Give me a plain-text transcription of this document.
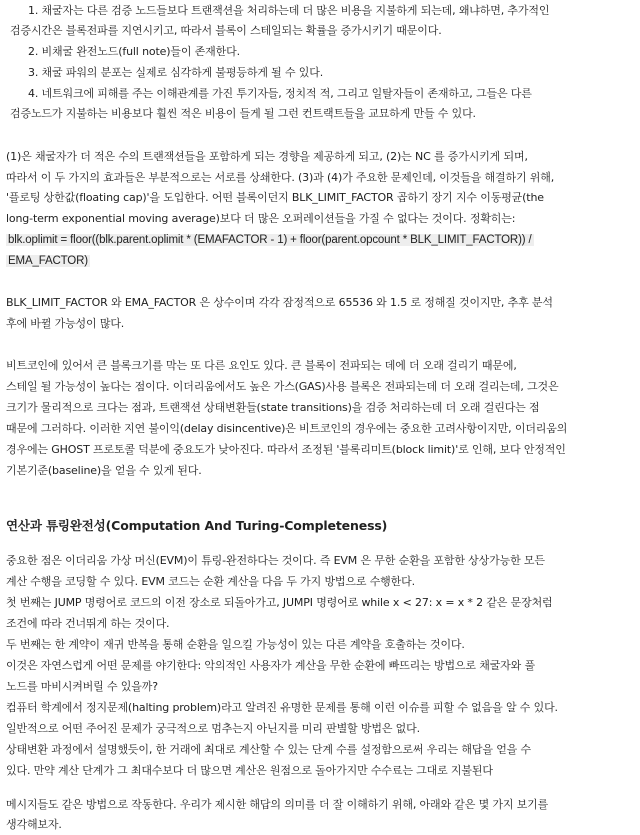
1. 채굴자는 다른 검증 노드들보다 트랜잭션을 처리하는데 더 많은 비용을 지불하게 되는데, 왜냐하면, 추가적인
검증시간은 블록전파를 지연시키고, 따라서 블록이 스테일되는 확률을 증가시키기 때문이다.
2. 비채굴 완전노드(full note)들이 존재한다.
3. 채굴 파워의 분포는 실제로 심각하게 불평등하게 될 수 있다.
4. 네트워크에 피해를 주는 이해관계를 가진 투기자들, 정치적 적, 그리고 일탈자들이 존재하고, 그들은 다른
검증노드가 지불하는 비용보다 훨씬 적은 비용이 들게 될 그런 컨트랙트들을 교묘하게 만들 수 있다.
(1)은 채굴자가 더 적은 수의 트랜잭션들을 포함하게 되는 경향을 제공하게 되고, (2)는 NC 를 증가시키게 되며,
따라서 이 두 가지의 효과들은 부분적으로는 서로를 상쇄한다. (3)과 (4)가 주요한 문제인데, 이것들을 해결하기 위해,
'플로팅 상한값(floating cap)'을 도입한다. 어떤 블록이던지 BLK_LIMIT_FACTOR 곱하기 장기 지수 이동평균(the
long-term exponential moving average)보다 더 많은 오퍼레이션들을 가질 수 없다는 것이다. 정확히는:
blk.oplimit = floor((blk.parent.oplimit * (EMAFACTOR - 1) + floor(parent.opcount * BLK_LIMIT_FACTOR)) /
EMA_FACTOR)
BLK_LIMIT_FACTOR 와 EMA_FACTOR 은 상수이며 각각 잠정적으로 65536 와 1.5 로 정해질 것이지만, 추후 분석
후에 바뀔 가능성이 많다.
비트코인에 있어서 큰 블록크기를 막는 또 다른 요인도 있다. 큰 블록이 전파되는 데에 더 오래 걸리기 때문에,
스테일 될 가능성이 높다는 점이다. 이더리움에서도 높은 가스(GAS)사용 블록은 전파되는데 더 오래 걸리는데, 그것은
크기가 물리적으로 크다는 점과, 트랜잭션 상태변환들(state transitions)을 검증 처리하는데 더 오래 걸린다는 점
때문에 그러하다. 이러한 지연 불이익(delay disincentive)은 비트코인의 경우에는 중요한 고려사항이지만, 이더리움의
경우에는 GHOST 프로토콜 덕분에 중요도가 낮아진다. 따라서 조정된 '블록리미트(block limit)'로 인해, 보다 안정적인
기본기준(baseline)을 얻을 수 있게 된다.
연산과 튜링완전성(Computation And Turing-Completeness)
중요한 점은 이더리움 가상 머신(EVM)이 튜링-완전하다는 것이다. 즉 EVM 은 무한 순환을 포함한 상상가능한 모든
계산 수행을 코딩할 수 있다. EVM 코드는 순환 계산을 다음 두 가지 방법으로 수행한다.
첫 번째는 JUMP 명령어로 코드의 이전 장소로 되돌아가고, JUMPI 명령어로 while x < 27: x = x * 2 같은 문장처럼
조건에 따라 건너뛰게 하는 것이다.
두 번째는 한 계약이 재귀 반복을 통해 순환을 일으킬 가능성이 있는 다른 계약을 호출하는 것이다.
이것은 자연스럽게 어떤 문제를 야기한다: 악의적인 사용자가 계산을 무한 순환에 빠뜨리는 방법으로 채굴자와 풀
노드를 마비시켜버릴 수 있을까?
컴퓨터 학계에서 정지문제(halting problem)라고 알려진 유명한 문제를 통해 이런 이슈를 피할 수 없음을 알 수 있다.
일반적으로 어떤 주어진 문제가 궁극적으로 멈추는지 아닌지를 미리 판별할 방법은 없다.
상태변환 과정에서 설명했듯이, 한 거래에 최대로 계산할 수 있는 단계 수를 설정함으로써 우리는 해답을 얻을 수
있다. 만약 계산 단계가 그 최대수보다 더 많으면 계산은 원점으로 돌아가지만 수수료는 그대로 지불된다
메시지들도 같은 방법으로 작동한다. 우리가 제시한 해답의 의미를 더 잘 이해하기 위해, 아래와 같은 몇 가지 보기를
생각해보자.
